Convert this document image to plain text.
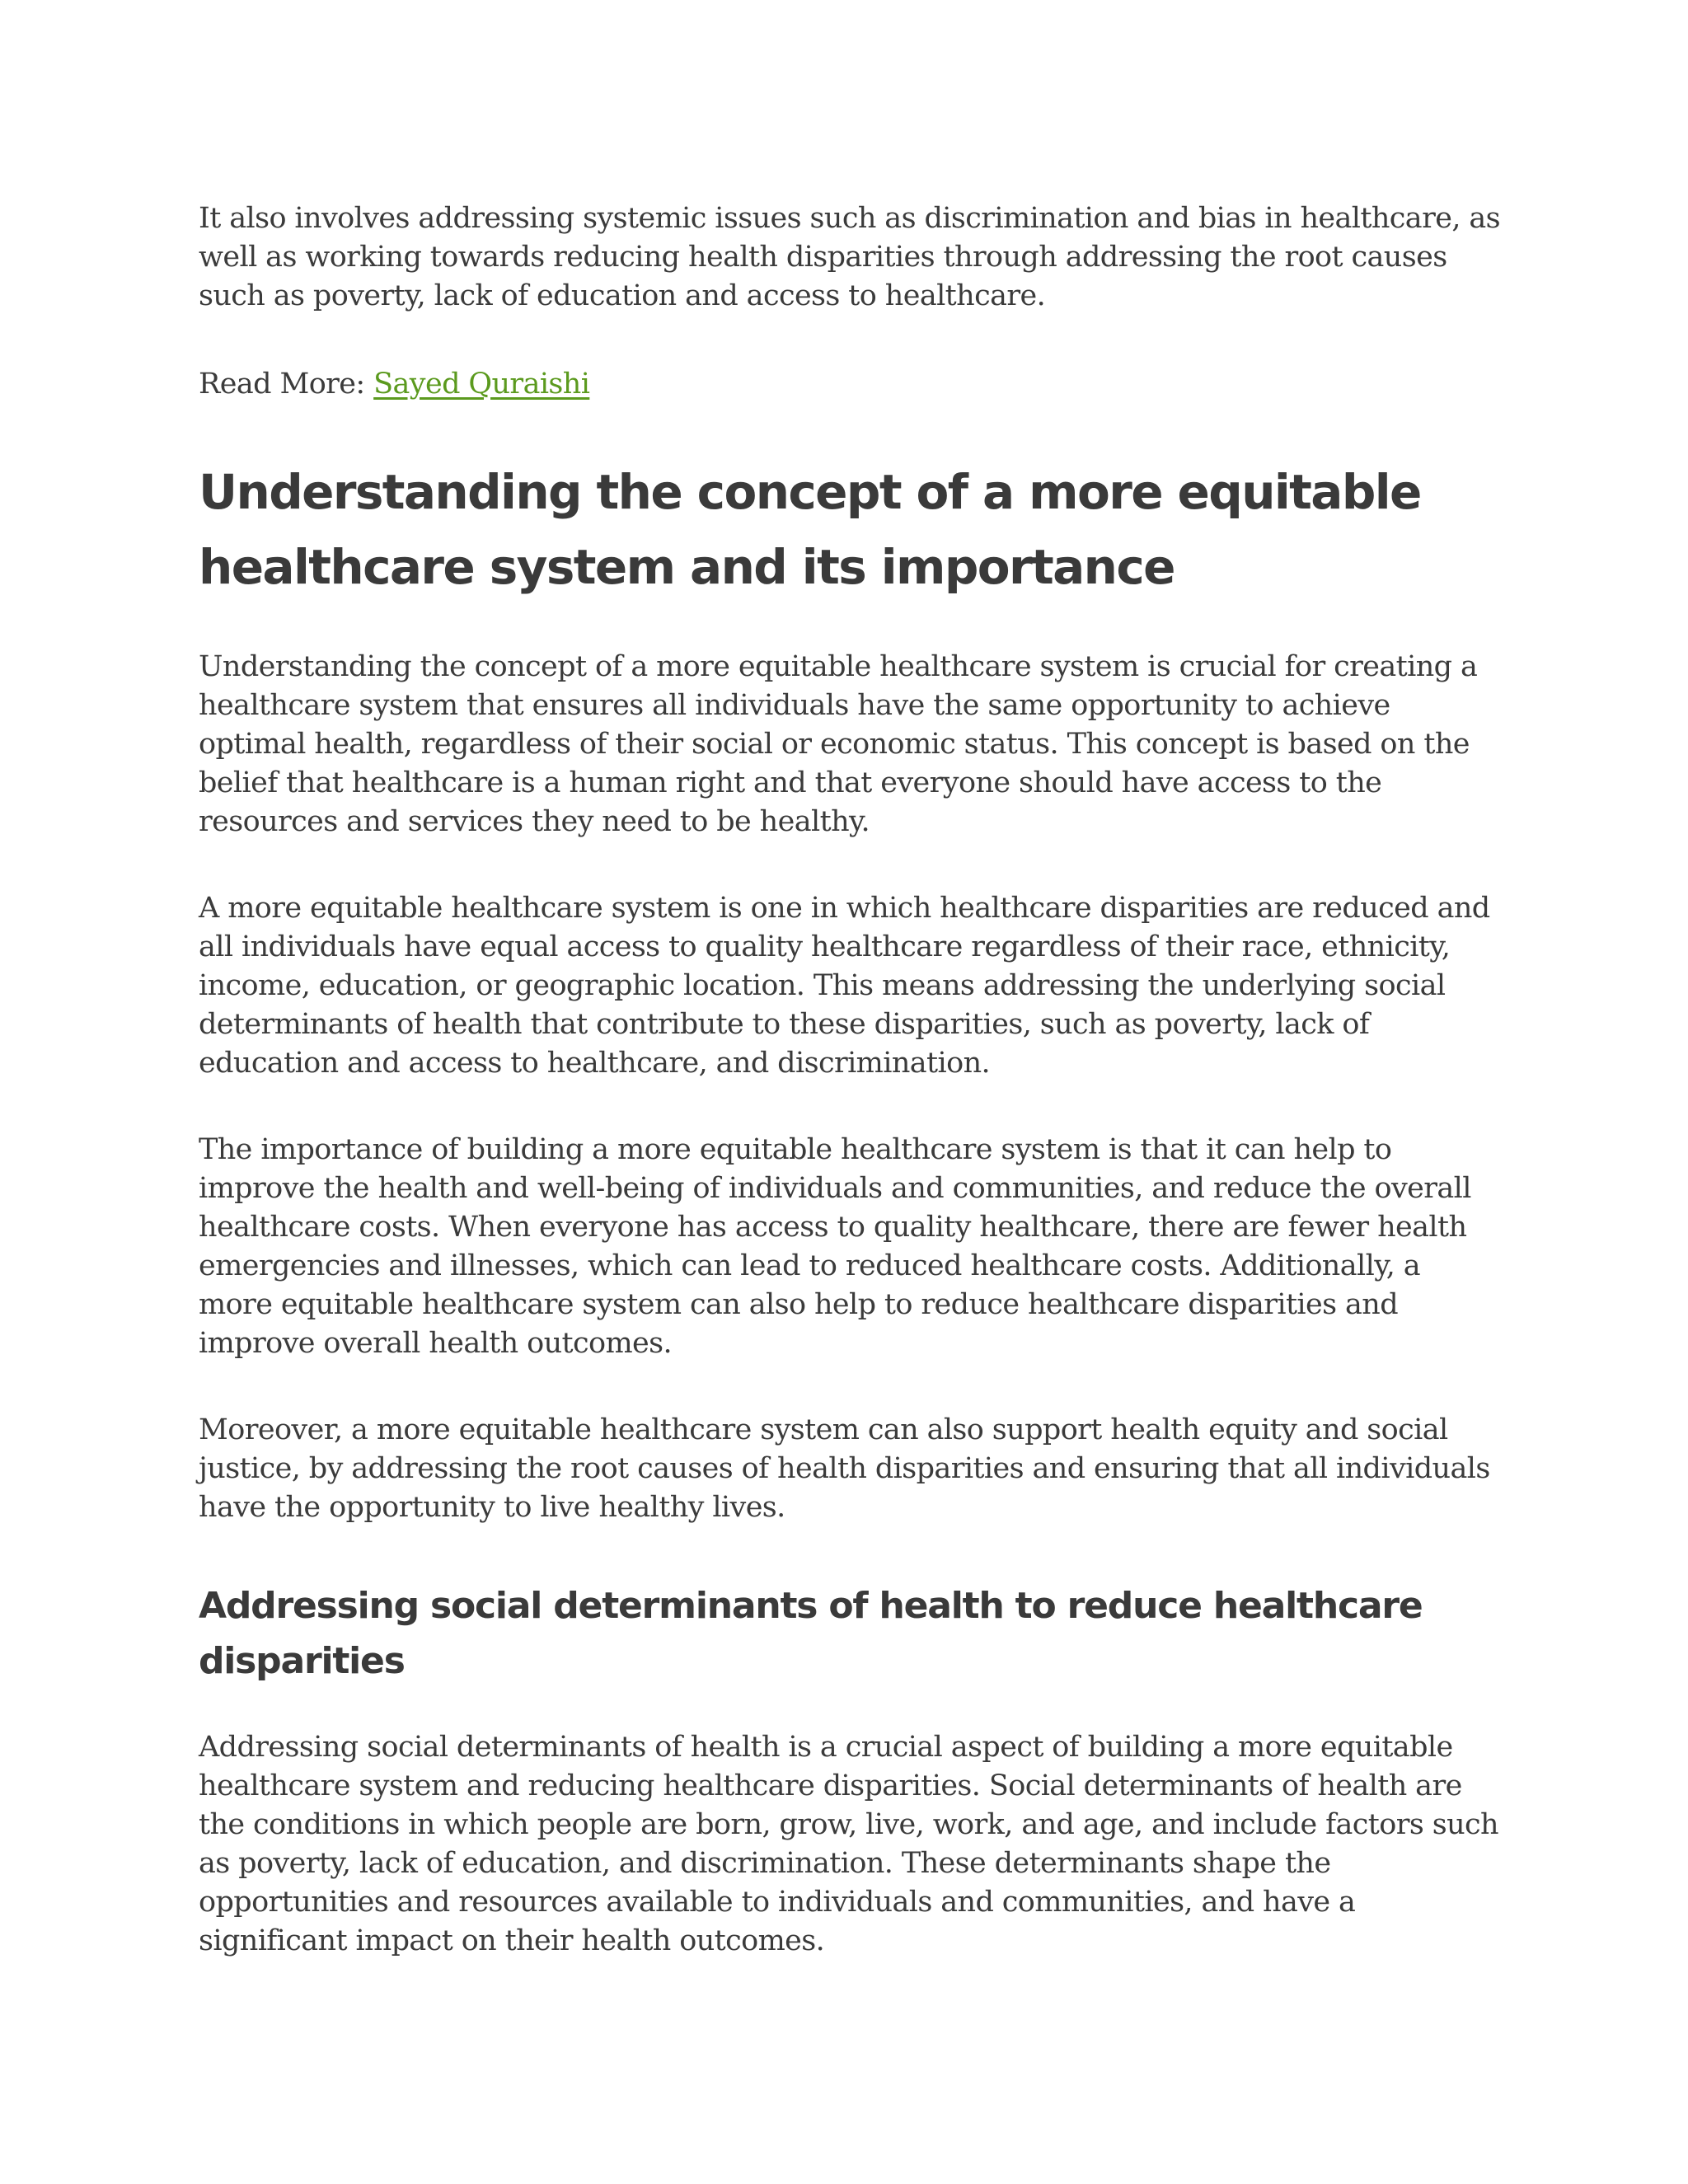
It also involves addressing systemic issues such as discrimination and bias in healthcare, as well as working towards reducing health disparities through addressing the root causes such as poverty, lack of education and access to healthcare.

Read More: Sayed Quraishi

Understanding the concept of a more equitable healthcare system and its importance

Understanding the concept of a more equitable healthcare system is crucial for creating a healthcare system that ensures all individuals have the same opportunity to achieve optimal health, regardless of their social or economic status. This concept is based on the belief that healthcare is a human right and that everyone should have access to the resources and services they need to be healthy.

A more equitable healthcare system is one in which healthcare disparities are reduced and all individuals have equal access to quality healthcare regardless of their race, ethnicity, income, education, or geographic location. This means addressing the underlying social determinants of health that contribute to these disparities, such as poverty, lack of education and access to healthcare, and discrimination.

The importance of building a more equitable healthcare system is that it can help to improve the health and well-being of individuals and communities, and reduce the overall healthcare costs. When everyone has access to quality healthcare, there are fewer health emergencies and illnesses, which can lead to reduced healthcare costs. Additionally, a more equitable healthcare system can also help to reduce healthcare disparities and improve overall health outcomes.

Moreover, a more equitable healthcare system can also support health equity and social justice, by addressing the root causes of health disparities and ensuring that all individuals have the opportunity to live healthy lives.

Addressing social determinants of health to reduce healthcare disparities

Addressing social determinants of health is a crucial aspect of building a more equitable healthcare system and reducing healthcare disparities. Social determinants of health are the conditions in which people are born, grow, live, work, and age, and include factors such as poverty, lack of education, and discrimination. These determinants shape the opportunities and resources available to individuals and communities, and have a significant impact on their health outcomes.
